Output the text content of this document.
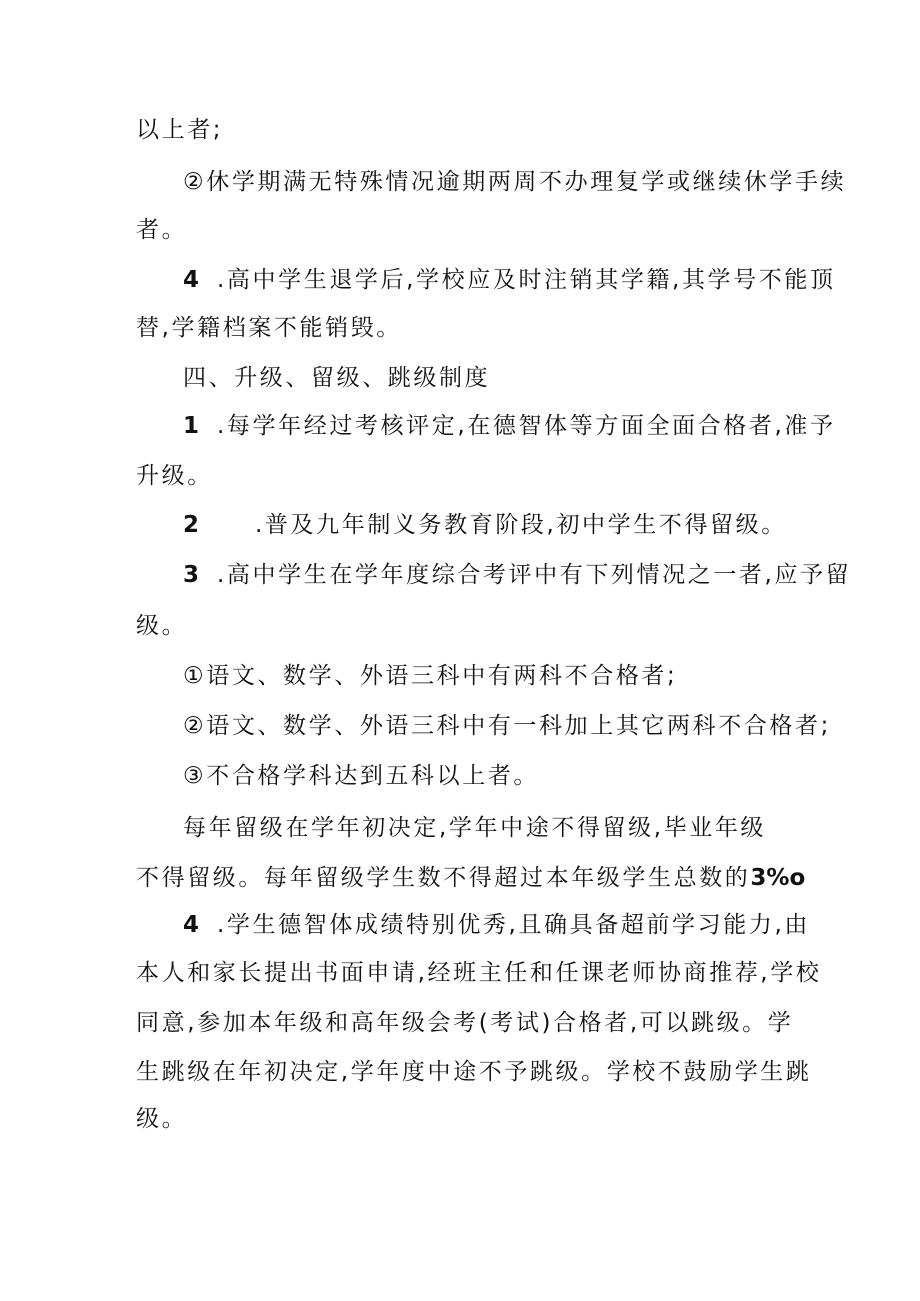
以上者;
②休学期满无特殊情况逾期两周不办理复学或继续休学手续
者。
4 .高中学生退学后,学校应及时注销其学籍,其学号不能顶
替,学籍档案不能销毁。
四、升级、留级、跳级制度
1 .每学年经过考核评定,在德智体等方面全面合格者,准予
升级。
2 .普及九年制义务教育阶段,初中学生不得留级。
3 .高中学生在学年度综合考评中有下列情况之一者,应予留
级。
①语文、数学、外语三科中有两科不合格者;
②语文、数学、外语三科中有一科加上其它两科不合格者;
③不合格学科达到五科以上者。
每年留级在学年初决定,学年中途不得留级,毕业年级
不得留级。每年留级学生数不得超过本年级学生总数的3%o
4 .学生德智体成绩特别优秀,且确具备超前学习能力,由
本人和家长提出书面申请,经班主任和任课老师协商推荐,学校
同意,参加本年级和高年级会考(考试)合格者,可以跳级。学
生跳级在年初决定,学年度中途不予跳级。学校不鼓励学生跳
级。
